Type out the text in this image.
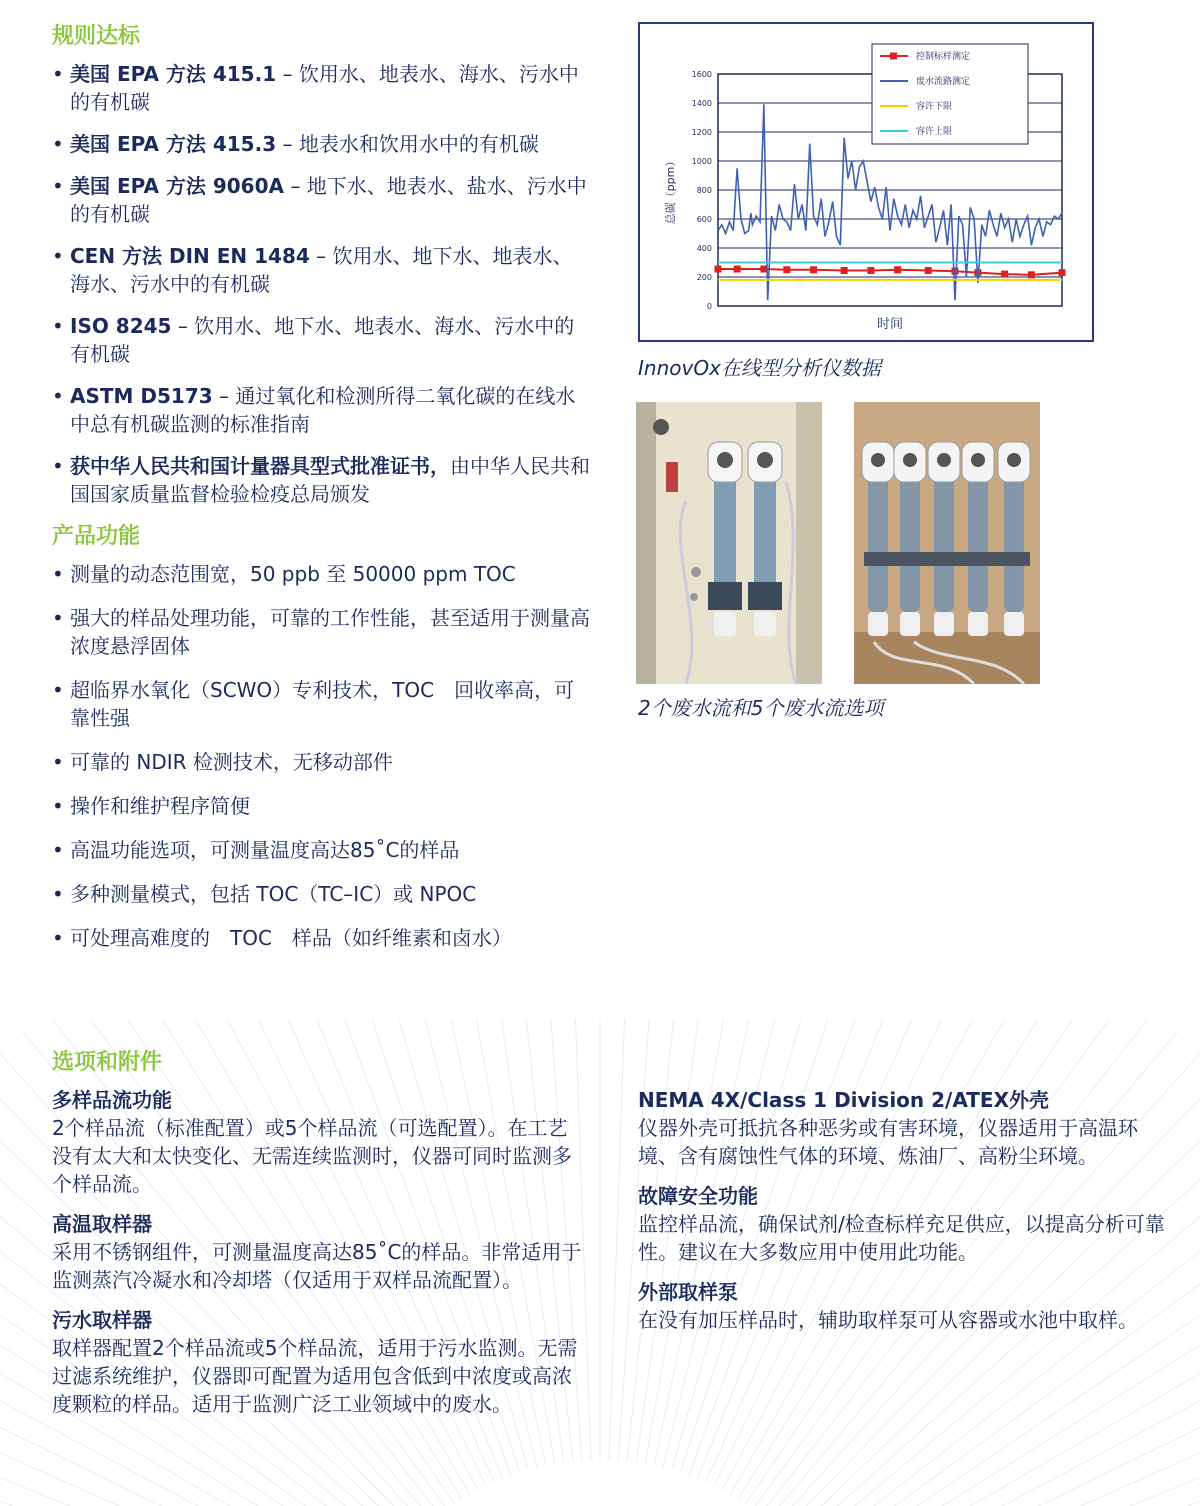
规则达标
• 美国 EPA 方法 415.1 – 饮用水、地表水、海水、污水中的有机碳
• 美国 EPA 方法 415.3 – 地表水和饮用水中的有机碳
• 美国 EPA 方法 9060A – 地下水、地表水、盐水、污水中的有机碳
• CEN 方法 DIN EN 1484 – 饮用水、地下水、地表水、海水、污水中的有机碳
• ISO 8245 – 饮用水、地下水、地表水、海水、污水中的有机碳
• ASTM D5173 – 通过氧化和检测所得二氧化碳的在线水中总有机碳监测的标准指南
• 获中华人民共和国计量器具型式批准证书，由中华人民共和国国家质量监督检验检疫总局颁发
产品功能
• 测量的动态范围宽，50 ppb 至 50000 ppm TOC
• 强大的样品处理功能，可靠的工作性能，甚至适用于测量高浓度悬浮固体
• 超临界水氧化（SCWO）专利技术，TOC　回收率高，可靠性强
• 可靠的 NDIR 检测技术，无移动部件
• 操作和维护程序简便
• 高温功能选项，可测量温度高达85˚C的样品
• 多种测量模式，包括 TOC（TC–IC）或 NPOC
• 可处理高难度的　TOC　样品（如纤维素和卤水）
0
200
400
600
800
1000
1200
1400
1600
总碳（ppm）
时间
控制标样测定
废水流路测定
容许下限
容许上限
InnovOx在线型分析仪数据
2个废水流和5个废水流选项
选项和附件
多样品流功能
2个样品流（标准配置）或5个样品流（可选配置）。在工艺没有太大和太快变化、无需连续监测时，仪器可同时监测多个样品流。
高温取样器
采用不锈钢组件，可测量温度高达85˚C的样品。非常适用于监测蒸汽冷凝水和冷却塔（仅适用于双样品流配置）。
污水取样器
取样器配置2个样品流或5个样品流，适用于污水监测。无需过滤系统维护，仪器即可配置为适用包含低到中浓度或高浓度颗粒的样品。适用于监测广泛工业领域中的废水。
NEMA 4X/Class 1 Division 2/ATEX外壳
仪器外壳可抵抗各种恶劣或有害环境，仪器适用于高温环境、含有腐蚀性气体的环境、炼油厂、高粉尘环境。
故障安全功能
监控样品流，确保试剂/检查标样充足供应，以提高分析可靠性。建议在大多数应用中使用此功能。
外部取样泵
在没有加压样品时，辅助取样泵可从容器或水池中取样。
